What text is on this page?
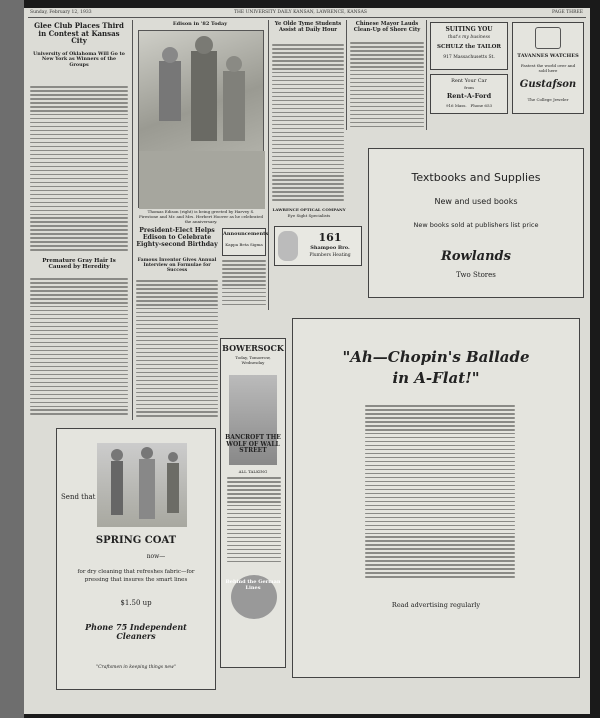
Sunday, February 12, 1933	THE UNIVERSITY DAILY KANSAN, LAWRENCE, KANSAS	PAGE THREE
Glee Club Places Third in Contest at Kansas City
University of Oklahoma Will Go to New York as Winners of the Groups
Premature Gray Hair Is Caused by Heredity
Edison in '82 Today
Thomas Edison (right) is being greeted by Harvey S. Firestone and Mr. and Mrs. Herbert Hoover as he celebrated the anniversary.
President-Elect Helps Edison to Celebrate Eighty-second Birthday
Famous Inventor Gives Annual Interview on Formulae for Success
Announcements
Kappa Beta Sigma
Ye Olde Tyme Students Assist at Daily Hour
Chinese Mayor Lauds Clean-Up of Shore City	SUITING YOU
that's my business
SCHULZ the TAILOR
917 Massachusetts St.	TAVANNES WATCHES
Fastest the world over and sold here
Gustafson
The College Jeweler
Rent Your Car
from
Rent-A-Ford
916 Mass. Phone 653
LAWRENCE OPTICAL COMPANY
Eye Sight Specialists
161
Shampoo Bro.
Plumbers Heating
Textbooks and Supplies
New and used books
New books sold at publishers list price
Rowlands
Two Stores
"Ah—Chopin's Ballade in A-Flat!"
Read advertising regularly
BOWERSOCK
Today, Tomorrow, Wednesday
BANCROFT THE WOLF OF WALL STREET
ALL TALKING
Behind the German Lines
Send that
SPRING COAT
now—
for dry cleaning that refreshes fabric—for pressing that insures the smart lines
$1.50 up
Phone 75 Independent Cleaners
"Craftsmen in keeping things new"
